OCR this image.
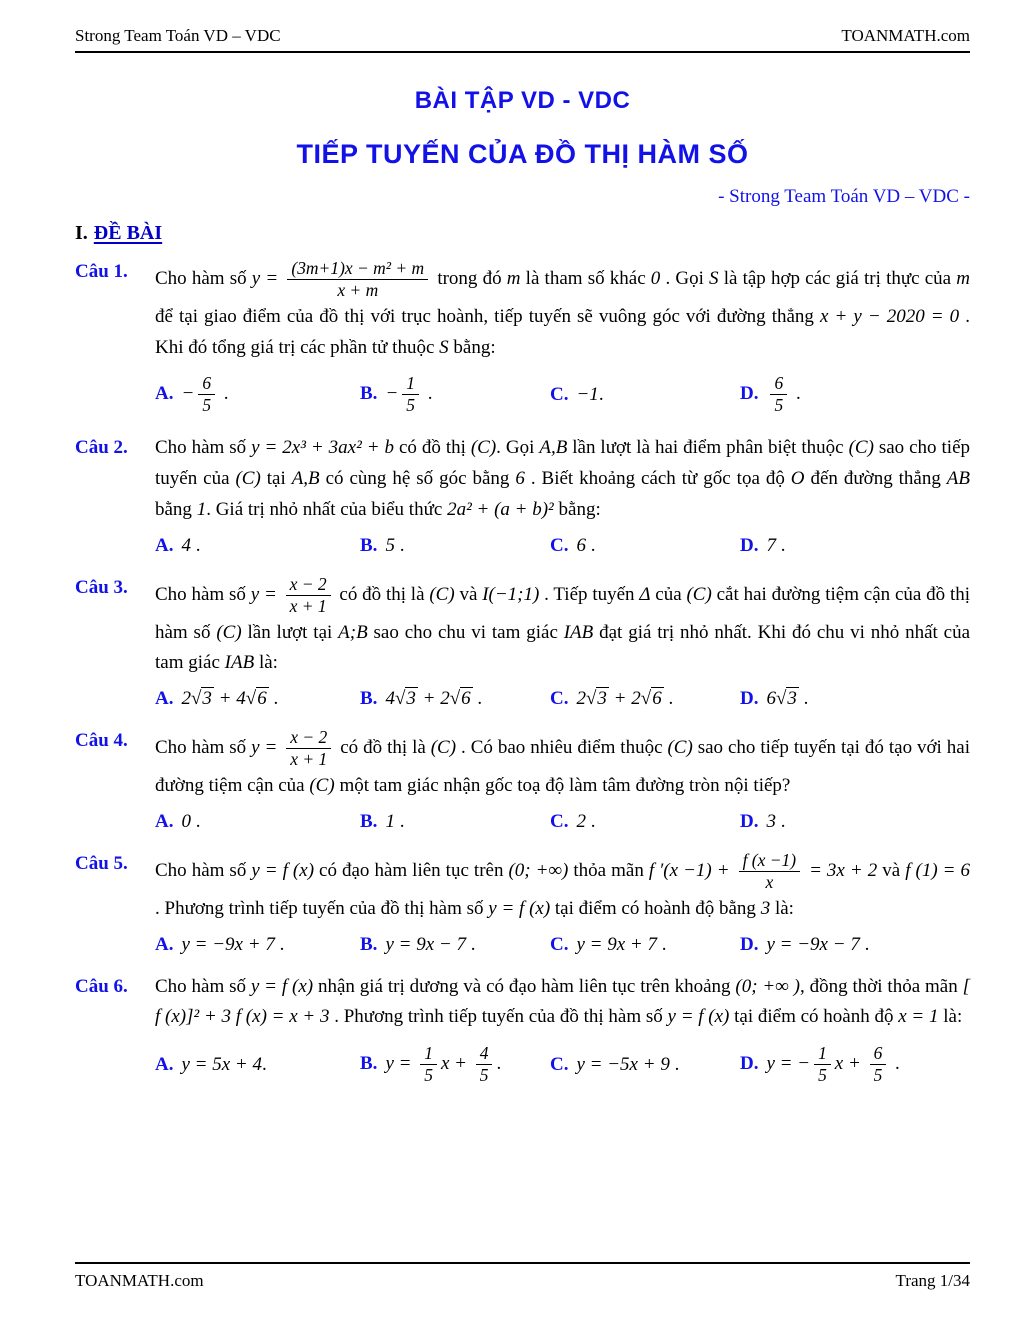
Strong Team Toán VD – VDC	TOANMATH.com
BÀI TẬP VD - VDC
TIẾP TUYẾN CỦA ĐỒ THỊ HÀM SỐ
- Strong Team Toán VD – VDC -
I. ĐỀ BÀI
Câu 1.	Cho hàm số $y = \frac{\text{(3m+1)x − m² + m}}{x + m}$ trong đó m là tham số khác 0 . Gọi S là tập hợp các giá trị thực của m để tại giao điểm của đồ thị với trục hoành, tiếp tuyến sẽ vuông góc với đường thẳng x + y − 2020 = 0 . Khi đó tổng giá trị các phần tử thuộc S bằng:
A. − $\frac{6}{5}$ .	B. − $\frac{1}{5}$ .	C. −1.	D. $\frac{6}{5}$ .
Câu 2.	Cho hàm số y = 2x³ + 3ax² + b có đồ thị (C). Gọi A,B lần lượt là hai điểm phân biệt thuộc (C) sao cho tiếp tuyến của (C) tại A,B có cùng hệ số góc bằng 6 . Biết khoảng cách từ gốc tọa độ O đến đường thẳng AB bằng 1. Giá trị nhỏ nhất của biểu thức 2a² + (a + b)² bằng:
A. 4 .	B. 5 .	C. 6 .	D. 7 .
Câu 3.	Cho hàm số $y = \frac{x - 2}{x + 1}$ có đồ thị là (C) và I(−1;1) . Tiếp tuyến Δ của (C) cắt hai đường tiệm cận của đồ thị hàm số (C) lần lượt tại A;B sao cho chu vi tam giác IAB đạt giá trị nhỏ nhất. Khi đó chu vi nhỏ nhất của tam giác IAB là:
A. 2√3 + 4√6 .	B. 4√3 + 2√6 .	C. 2√3 + 2√6 .	D. 6√3 .
Câu 4.	Cho hàm số $y = \frac{x - 2}{x + 1}$ có đồ thị là (C) . Có bao nhiêu điểm thuộc (C) sao cho tiếp tuyến tại đó tạo với hai đường tiệm cận của (C) một tam giác nhận gốc toạ độ làm tâm đường tròn nội tiếp?
A. 0 .	B. 1 .	C. 2 .	D. 3 .
Câu 5.	Cho hàm số y = f (x) có đạo hàm liên tục trên (0; +∞) thỏa mãn f $'(x -1) + \frac{f (x -1)}{x} = 3x + 2$ và f (1) = 6 . Phương trình tiếp tuyến của đồ thị hàm số y = f (x) tại điểm có hoành độ bằng 3 là:
A. y = −9x + 7 .	B. y = 9x − 7 .	C. y = 9x + 7 .	D. y = −9x − 7 .
Câu 6.	Cho hàm số y = f (x) nhận giá trị dương và có đạo hàm liên tục trên khoảng (0; +∞ ), đồng thời thỏa mãn [ f (x)]² + 3 f (x) = x + 3 . Phương trình tiếp tuyến của đồ thị hàm số y = f (x) tại điểm có hoành độ x = 1 là:
A. y = 5x + 4.	B. $y = \frac{1}{5}$ $x + \frac{4}{5}$ .	C. y = −5x + 9 .	D. y = − $\frac{1}{5}$ $x + \frac{6}{5}$ .
TOANMATH.com	Trang 1/34
